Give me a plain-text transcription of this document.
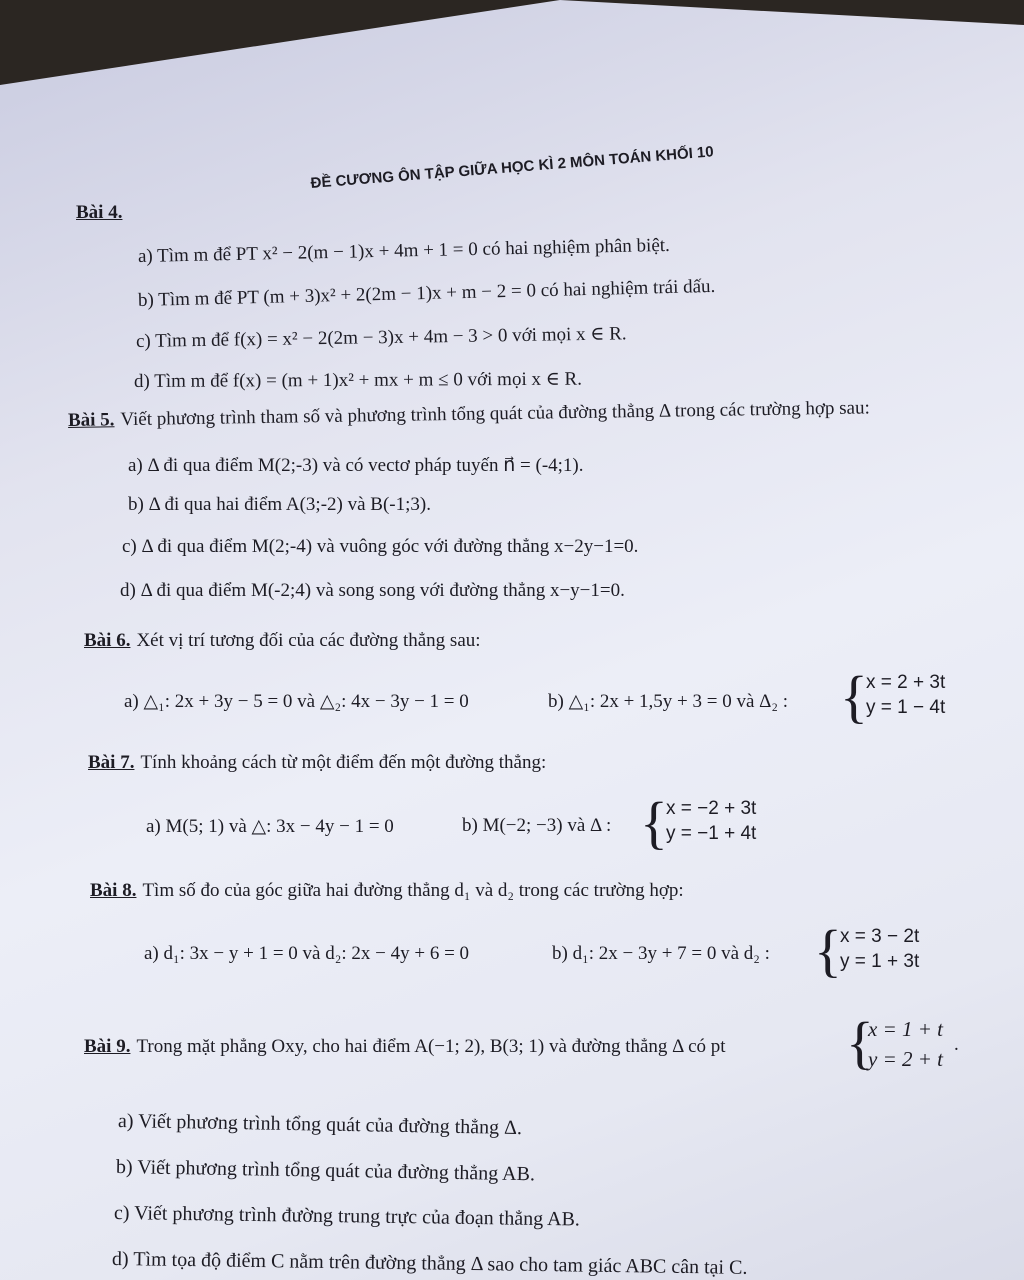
ĐỀ CƯƠNG ÔN TẬP GIỮA HỌC KÌ 2 MÔN TOÁN KHỐI 10
Bài 4.
a) Tìm m để PT x² − 2(m − 1)x + 4m + 1 = 0 có hai nghiệm phân biệt.
b) Tìm m để PT (m + 3)x² + 2(2m − 1)x + m − 2 = 0 có hai nghiệm trái dấu.
c) Tìm m để f(x) = x² − 2(2m − 3)x + 4m − 3 > 0 với mọi x ∈ R.
d) Tìm m để f(x) = (m + 1)x² + mx + m ≤ 0 với mọi x ∈ R.
Bài 5. Viết phương trình tham số và phương trình tổng quát của đường thẳng Δ trong các trường hợp sau:
a) Δ đi qua điểm M(2;-3) và có vectơ pháp tuyến n⃗ = (-4;1).
b) Δ đi qua hai điểm A(3;-2) và B(-1;3).
c) Δ đi qua điểm M(2;-4) và vuông góc với đường thẳng x−2y−1=0.
d) Δ đi qua điểm M(-2;4) và song song với đường thẳng x−y−1=0.
Bài 6. Xét vị trí tương đối của các đường thẳng sau:
a) △₁: 2x + 3y − 5 = 0 và △₂: 4x − 3y − 1 = 0	b) △₁: 2x + 1,5y + 3 = 0 và Δ₂ : {
x = 2 + 3t
y = 1 − 4t
Bài 7. Tính khoảng cách từ một điểm đến một đường thẳng:
a) M(5; 1) và △: 3x − 4y − 1 = 0	b) M(−2; −3) và Δ : {
x = −2 + 3t
y = −1 + 4t
Bài 8. Tìm số đo của góc giữa hai đường thẳng d₁ và d₂ trong các trường hợp:
a) d₁: 3x − y + 1 = 0 và d₂: 2x − 4y + 6 = 0	b) d₁: 2x − 3y + 7 = 0 và d₂ : {
x = 3 − 2t
y = 1 + 3t
Bài 9. Trong mặt phẳng Oxy, cho hai điểm A(−1; 2), B(3; 1) và đường thẳng Δ có pt {
x = 1 + t
y = 2 + t
.
a) Viết phương trình tổng quát của đường thẳng Δ.
b) Viết phương trình tổng quát của đường thẳng AB.
c) Viết phương trình đường trung trực của đoạn thẳng AB.
d) Tìm tọa độ điểm C nằm trên đường thẳng Δ sao cho tam giác ABC cân tại C.
